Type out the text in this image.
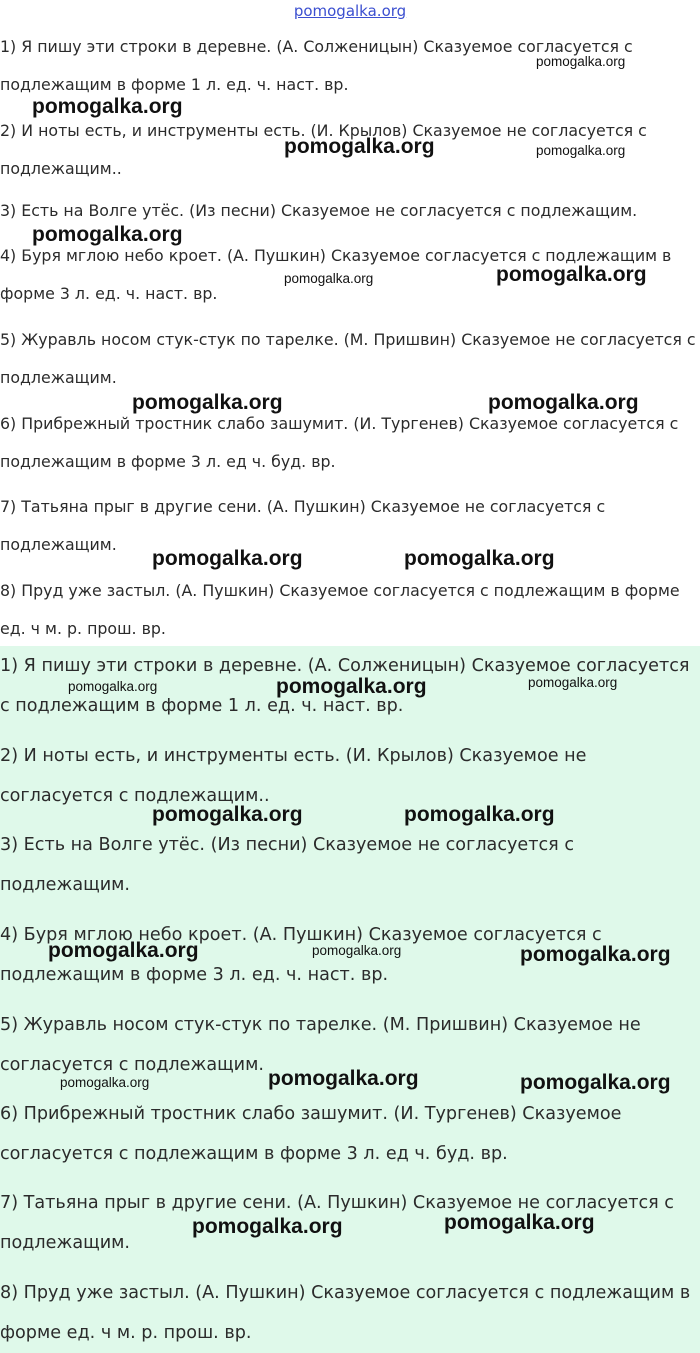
pomogalka.org

1) Я пишу эти строки в деревне. (А. Солженицын) Сказуемое согласуется с подлежащим в форме 1 л. ед. ч. наст. вр.

2) И ноты есть, и инструменты есть. (И. Крылов) Сказуемое не согласуется с подлежащим..

3) Есть на Волге утёс. (Из песни) Сказуемое не согласуется с подлежащим.

4) Буря мглою небо кроет. (А. Пушкин) Сказуемое согласуется с подлежащим в форме 3 л. ед. ч. наст. вр.

5) Журавль носом стук-стук по тарелке. (М. Пришвин) Сказуемое не согласуется с подлежащим.

6) Прибрежный тростник слабо зашумит. (И. Тургенев) Сказуемое согласуется с подлежащим в форме 3 л. ед ч. буд. вр.

7) Татьяна прыг в другие сени. (А. Пушкин) Сказуемое не согласуется с подлежащим.

8) Пруд уже застыл. (А. Пушкин) Сказуемое согласуется с подлежащим в форме ед. ч м. р. прош. вр.

1) Я пишу эти строки в деревне. (А. Солженицын) Сказуемое согласуется с подлежащим в форме 1 л. ед. ч. наст. вр.

2) И ноты есть, и инструменты есть. (И. Крылов) Сказуемое не согласуется с подлежащим..

3) Есть на Волге утёс. (Из песни) Сказуемое не согласуется с подлежащим.

4) Буря мглою небо кроет. (А. Пушкин) Сказуемое согласуется с подлежащим в форме 3 л. ед. ч. наст. вр.

5) Журавль носом стук-стук по тарелке. (М. Пришвин) Сказуемое не согласуется с подлежащим.

6) Прибрежный тростник слабо зашумит. (И. Тургенев) Сказуемое согласуется с подлежащим в форме 3 л. ед ч. буд. вр.

7) Татьяна прыг в другие сени. (А. Пушкин) Сказуемое не согласуется с подлежащим.

8) Пруд уже застыл. (А. Пушкин) Сказуемое согласуется с подлежащим в форме ед. ч м. р. прош. вр.

pomogalka.org
pomogalka.org
pomogalka.org	pomogalka.org
pomogalka.org
pomogalka.org
pomogalka.org
pomogalka.org	pomogalka.org
pomogalka.org	pomogalka.org
pomogalka.org	pomogalka.org	pomogalka.org
pomogalka.org	pomogalka.org
pomogalka.org	pomogalka.org	pomogalka.org
pomogalka.org	pomogalka.org	pomogalka.org
pomogalka.org	pomogalka.org
